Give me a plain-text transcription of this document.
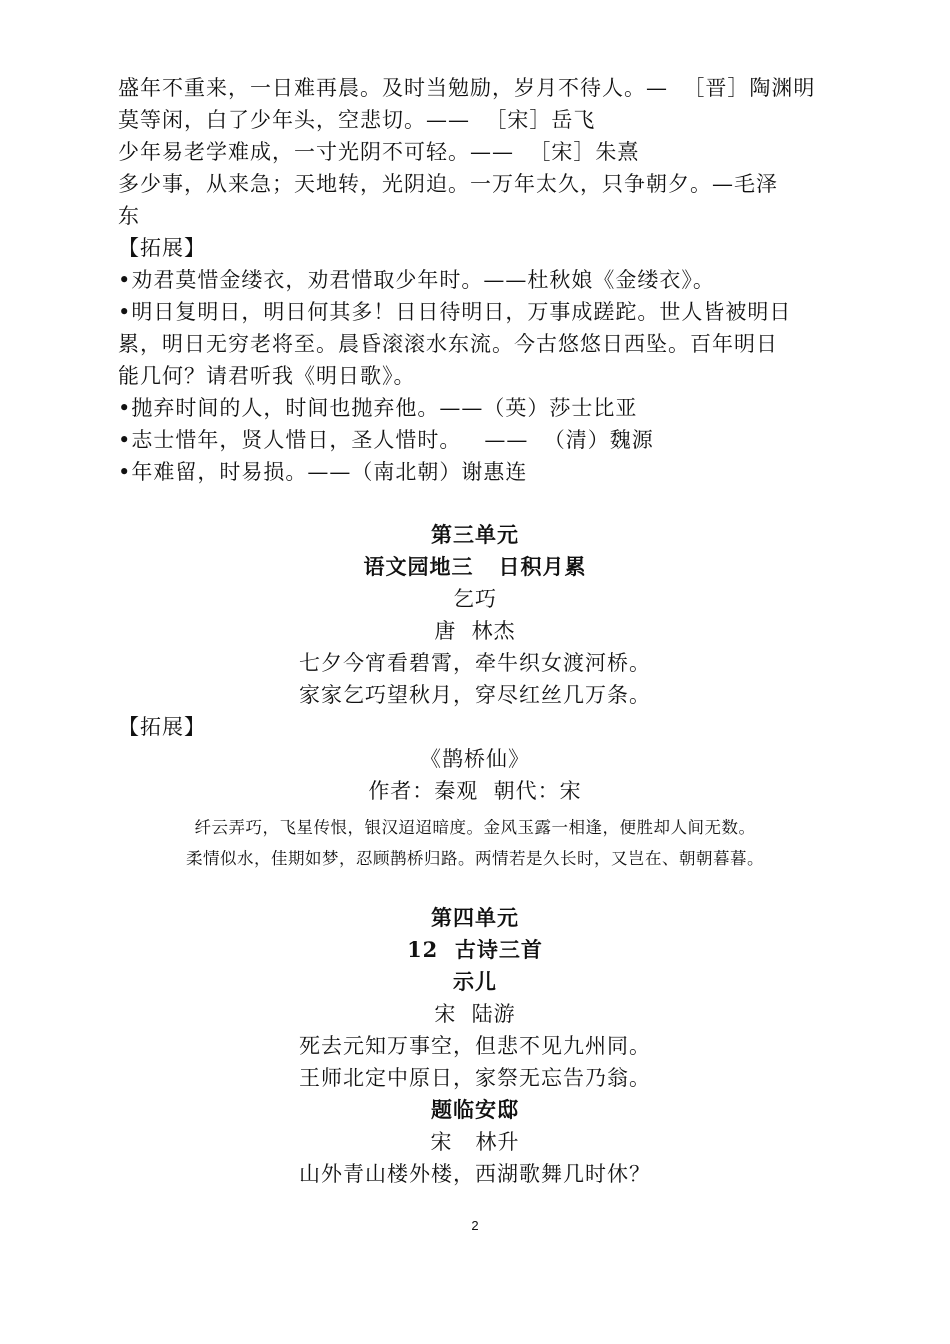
盛年不重来，一日难再晨。及时当勉励，岁月不待人。—  ［晋］陶渊明
莫等闲，白了少年头，空悲切。——  ［宋］岳飞
少年易老学难成，一寸光阴不可轻。——  ［宋］朱熹
多少事，从来急；天地转，光阴迫。一万年太久，只争朝夕。—毛泽
东
【拓展】
•劝君莫惜金缕衣，劝君惜取少年时。——杜秋娘《金缕衣》。
•明日复明日，明日何其多！日日待明日，万事成蹉跎。世人皆被明日
累，明日无穷老将至。晨昏滚滚水东流。今古悠悠日西坠。百年明日
能几何？请君听我《明日歌》。
•抛弃时间的人，时间也抛弃他。——（英）莎士比亚
•志士惜年，贤人惜日，圣人惜时。   ——  （清）魏源
•年难留，时易损。——（南北朝）谢惠连
第三单元
语文园地三   日积月累
乞巧
唐  林杰
七夕今宵看碧霄，牵牛织女渡河桥。
家家乞巧望秋月，穿尽红丝几万条。
【拓展】
《鹊桥仙》
作者：秦观  朝代：宋
纤云弄巧，飞星传恨，银汉迢迢暗度。金风玉露一相逢，便胜却人间无数。
柔情似水，佳期如梦，忍顾鹊桥归路。两情若是久长时，又岂在、朝朝暮暮。
第四单元
12  古诗三首
示儿
宋  陆游
死去元知万事空，但悲不见九州同。
王师北定中原日，家祭无忘告乃翁。
题临安邸
宋   林升
山外青山楼外楼，西湖歌舞几时休？
2
